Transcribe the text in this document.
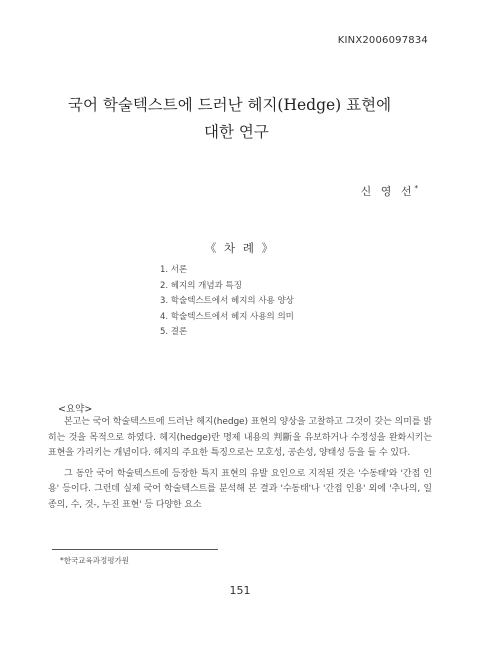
KINX2006097834
국어 학술텍스트에 드러난 헤지(Hedge) 표현에
대한 연구
신 영 선*
《 차 례 》
1. 서론
2. 헤지의 개념과 특징
3. 학술텍스트에서 헤지의 사용 양상
4. 학술텍스트에서 헤지 사용의 의미
5. 결론
<요약>

본고는 국어 학술텍스트에 드러난 헤지(hedge) 표현의 양상을 고찰하고 그것이 갖는 의미를 밝히는 것을 목적으로 하였다. 헤지(hedge)란 명제 내용의 判斷을 유보하거나 수정성을 완화시키는 표현을 가리키는 개념이다. 헤지의 주요한 특징으로는 모호성, 공손성, 양태성 등을 들 수 있다.

그 동안 국어 학술텍스트에 등장한 특지 표현의 유발 요인으로 지적된 것은 '수동태'와 '간접 인용' 등이다. 그런데 실제 국어 학술텍스트를 분석해 본 결과 '수동태'나 '간접 인용' 외에 '추나의, 일종의, 수, 것-, 누진 표현' 등 다양한 요소

*한국교육과정평가원
151
